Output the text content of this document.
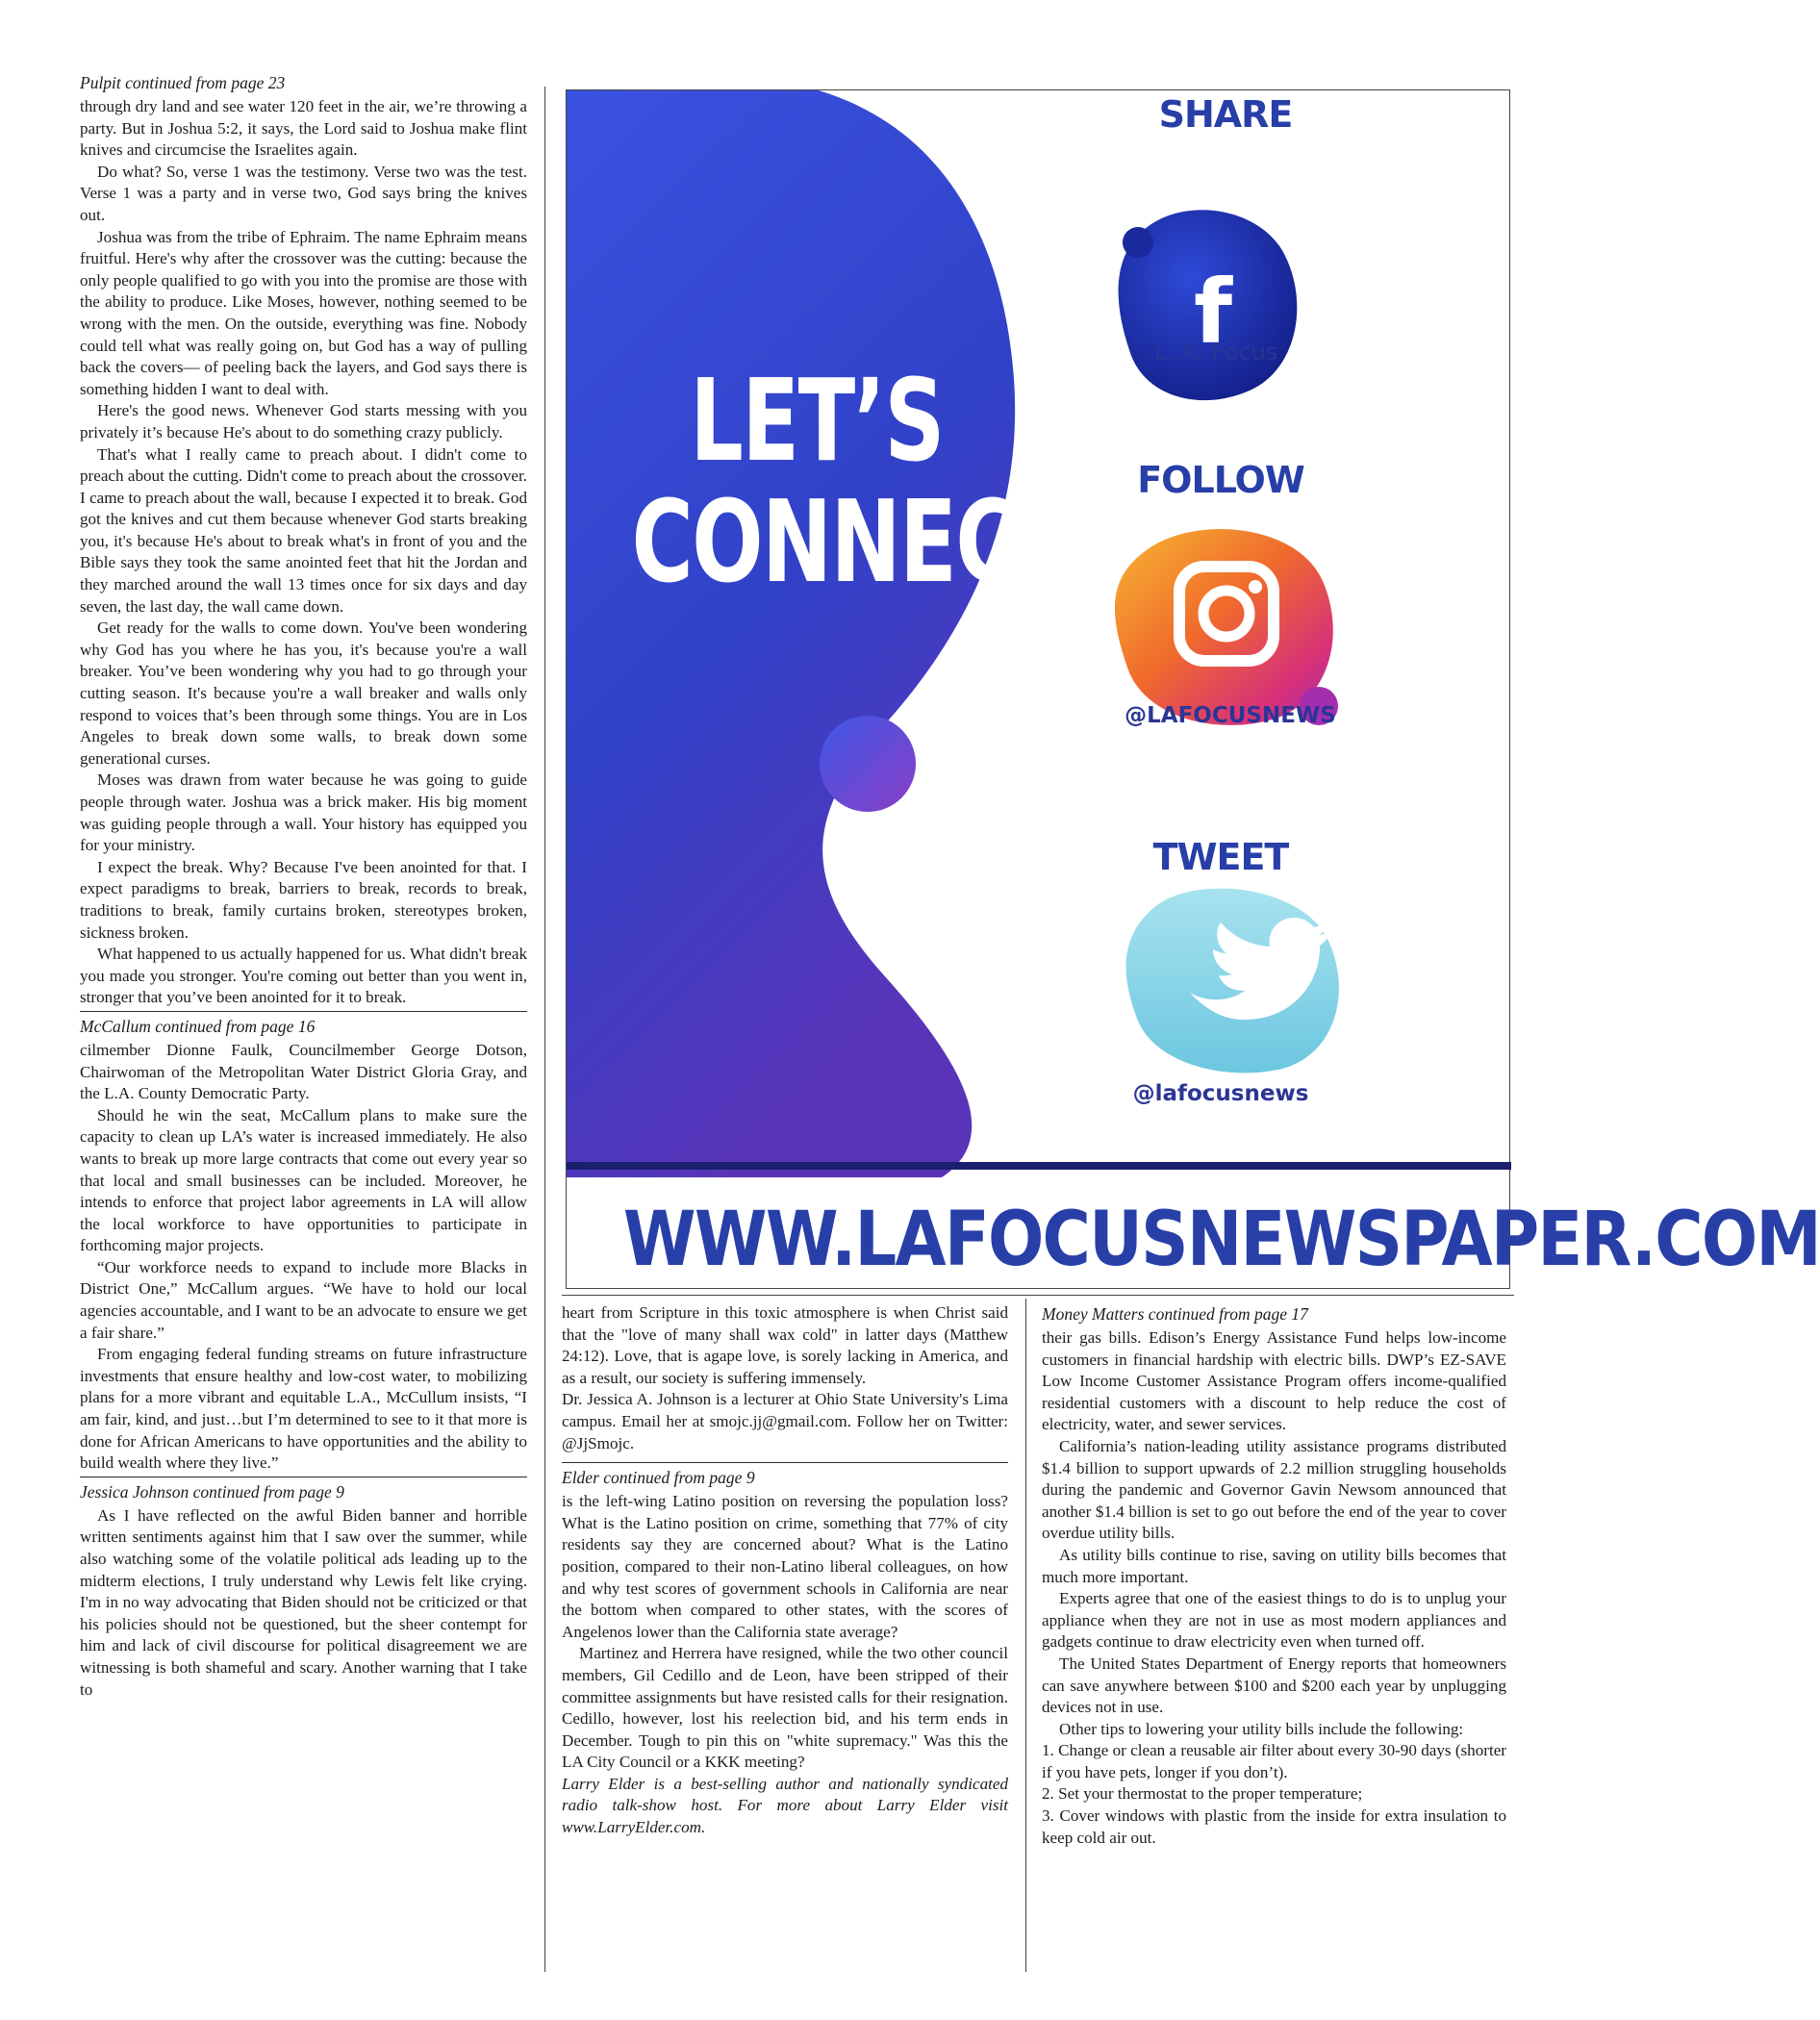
Pulpit continued from page 23

through dry land and see water 120 feet in the air, we’re throwing a party. But in Joshua 5:2, it says, the Lord said to Joshua make flint knives and circumcise the Israelites again.

Do what? So, verse 1 was the testimony. Verse two was the test. Verse 1 was a party and in verse two, God says bring the knives out.

Joshua was from the tribe of Ephraim. The name Ephraim means fruitful. Here's why after the crossover was the cutting: because the only people qualified to go with you into the promise are those with the ability to produce. Like Moses, however, nothing seemed to be wrong with the men. On the outside, everything was fine. Nobody could tell what was really going on, but God has a way of pulling back the covers— of peeling back the layers, and God says there is something hidden I want to deal with.

Here's the good news. Whenever God starts messing with you privately it’s because He's about to do something crazy publicly.

That's what I really came to preach about. I didn't come to preach about the cutting. Didn't come to preach about the crossover. I came to preach about the wall, because I expected it to break. God got the knives and cut them because whenever God starts breaking you, it's because He's about to break what's in front of you and the Bible says they took the same anointed feet that hit the Jordan and they marched around the wall 13 times once for six days and day seven, the last day, the wall came down.

Get ready for the walls to come down. You've been wondering why God has you where he has you, it's because you're a wall breaker. You’ve been wondering why you had to go through your cutting season. It's because you're a wall breaker and walls only respond to voices that’s been through some things. You are in Los Angeles to break down some walls, to break down some generational curses.

Moses was drawn from water because he was going to guide people through water. Joshua was a brick maker. His big moment was guiding people through a wall. Your history has equipped you for your ministry.

I expect the break. Why? Because I've been anointed for that. I expect paradigms to break, barriers to break, records to break, traditions to break, family curtains broken, stereotypes broken, sickness broken.

What happened to us actually happened for us. What didn't break you made you stronger. You're coming out better than you went in, stronger that you’ve been anointed for it to break.

McCallum continued from page 16

cilmember Dionne Faulk, Councilmember George Dotson, Chairwoman of the Metropolitan Water District Gloria Gray, and the L.A. County Democratic Party.

Should he win the seat, McCallum plans to make sure the capacity to clean up LA’s water is increased immediately. He also wants to break up more large contracts that come out every year so that local and small businesses can be included. Moreover, he intends to enforce that project labor agreements in LA will allow the local workforce to have opportunities to participate in forthcoming major projects.

“Our workforce needs to expand to include more Blacks in District One,” McCallum argues. “We have to hold our local agencies accountable, and I want to be an advocate to ensure we get a fair share.”

From engaging federal funding streams on future infrastructure investments that ensure healthy and low-cost water, to mobilizing plans for a more vibrant and equitable L.A., McCullum insists, “I am fair, kind, and just…but I’m determined to see to it that more is done for African Americans to have opportunities and the ability to build wealth where they live.”

Jessica Johnson continued from page 9

As I have reflected on the awful Biden banner and horrible written sentiments against him that I saw over the summer, while also watching some of the volatile political ads leading up to the midterm elections, I truly understand why Lewis felt like crying. I'm in no way advocating that Biden should not be criticized or that his policies should not be questioned, but the sheer contempt for him and lack of civil discourse for political disagreement we are witnessing is both shameful and scary. Another warning that I take to

f
LET’S
CONNECT
SHARE
L. A. Focus
FOLLOW
@LAFOCUSNEWS
TWEET
@lafocusnews
WWW.LAFOCUSNEWSPAPER.COM

heart from Scripture in this toxic atmosphere is when Christ said that the "love of many shall wax cold" in latter days (Matthew 24:12). Love, that is agape love, is sorely lacking in America, and as a result, our society is suffering immensely.

Dr. Jessica A. Johnson is a lecturer at Ohio State University's Lima campus. Email her at smojc.jj@gmail.com. Follow her on Twitter: @JjSmojc.

Elder continued from page 9

is the left-wing Latino position on reversing the population loss? What is the Latino position on crime, something that 77% of city residents say they are concerned about? What is the Latino position, compared to their non-Latino liberal colleagues, on how and why test scores of government schools in California are near the bottom when compared to other states, with the scores of Angelenos lower than the California state average?

Martinez and Herrera have resigned, while the two other council members, Gil Cedillo and de Leon, have been stripped of their committee assignments but have resisted calls for their resignation. Cedillo, however, lost his reelection bid, and his term ends in December. Tough to pin this on "white supremacy." Was this the LA City Council or a KKK meeting?

Larry Elder is a best-selling author and nationally syndicated radio talk-show host. For more about Larry Elder visit www.LarryElder.com.

Money Matters continued from page 17

their gas bills. Edison’s Energy Assistance Fund helps low-income customers in financial hardship with electric bills. DWP’s EZ-SAVE Low Income Customer Assistance Program offers income-qualified residential customers with a discount to help reduce the cost of electricity, water, and sewer services.

California’s nation-leading utility assistance programs distributed $1.4 billion to support upwards of 2.2 million struggling households during the pandemic and Governor Gavin Newsom announced that another $1.4 billion is set to go out before the end of the year to cover overdue utility bills.

As utility bills continue to rise, saving on utility bills becomes that much more important.

Experts agree that one of the easiest things to do is to unplug your appliance when they are not in use as most modern appliances and gadgets continue to draw electricity even when turned off.

The United States Department of Energy reports that homeowners can save anywhere between $100 and $200 each year by unplugging devices not in use.

Other tips to lowering your utility bills include the following:

1. Change or clean a reusable air filter about every 30-90 days (shorter if you have pets, longer if you don’t).

2. Set your thermostat to the proper temperature;

3. Cover windows with plastic from the inside for extra insulation to keep cold air out.
